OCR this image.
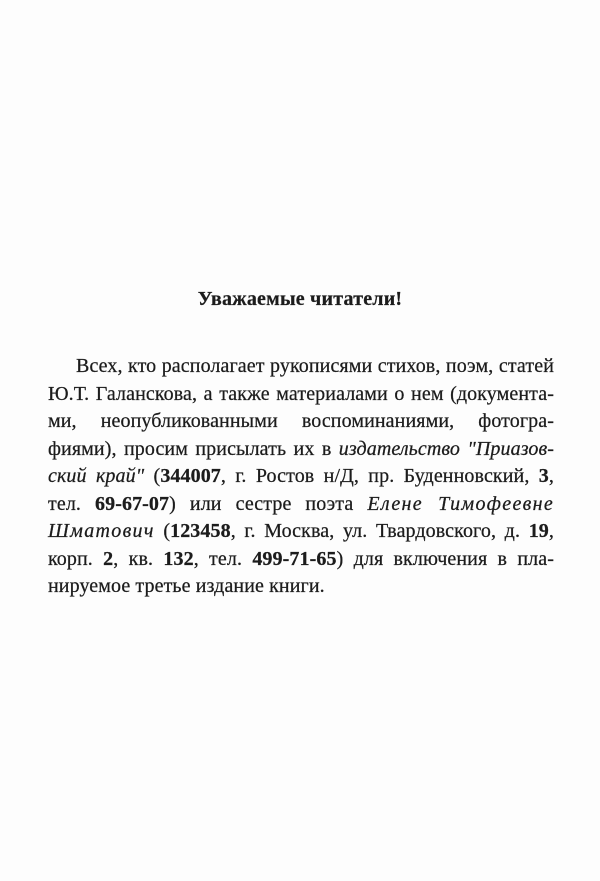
Уважаемые читатели!
Всех, кто располагает рукописями стихов, поэм, статей
Ю.Т. Галанскова, а также материалами о нем (документа-
ми, неопубликованными воспоминаниями, фотогра-
фиями), просим присылать их в издательство "Приазов-
ский край" (344007, г. Ростов н/Д, пр. Буденновский, 3,
тел. 69-67-07) или сестре поэта Елене Тимофеевне
Шматович (123458, г. Москва, ул. Твардовского, д. 19,
корп. 2, кв. 132, тел. 499-71-65) для включения в пла-
нируемое третье издание книги.
